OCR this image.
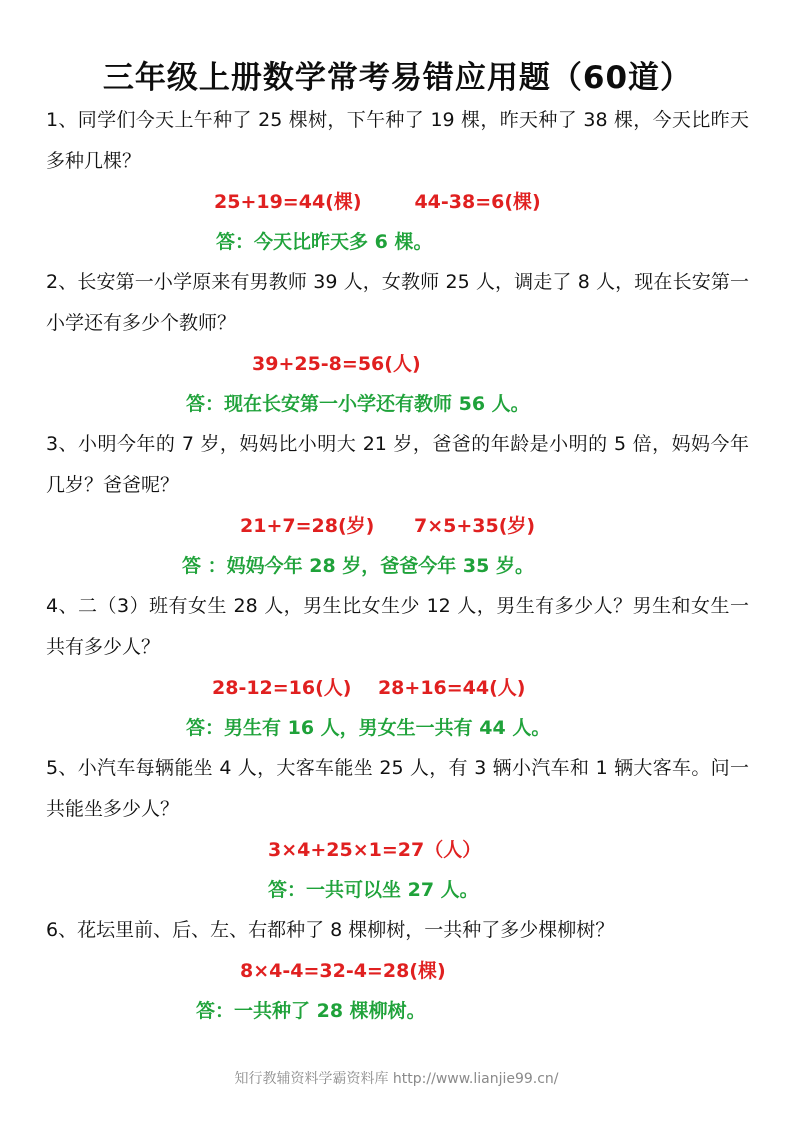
三年级上册数学常考易错应用题（60道）

1、同学们今天上午种了 25 棵树，下午种了 19 棵，昨天种了 38 棵，今天比昨天多种几棵？

25+19=44(棵)        44-38=6(棵)

答：今天比昨天多 6 棵。

2、长安第一小学原来有男教师 39 人，女教师 25 人，调走了 8 人，现在长安第一小学还有多少个教师？

39+25-8=56(人)

答：现在长安第一小学还有教师 56 人。

3、小明今年的 7 岁，妈妈比小明大 21 岁，爸爸的年龄是小明的 5 倍，妈妈今年几岁？爸爸呢？

21+7=28(岁)      7×5+35(岁)

答 ：妈妈今年 28 岁，爸爸今年 35 岁。

4、二（3）班有女生 28 人，男生比女生少 12 人，男生有多少人？男生和女生一共有多少人？

28-12=16(人)    28+16=44(人)

答：男生有 16 人，男女生一共有 44 人。

5、小汽车每辆能坐 4 人，大客车能坐 25 人，有 3 辆小汽车和 1 辆大客车。问一共能坐多少人？

3×4+25×1=27（人）

答：一共可以坐 27 人。

6、花坛里前、后、左、右都种了 8 棵柳树，一共种了多少棵柳树？

8×4-4=32-4=28(棵)

答：一共种了 28 棵柳树。

知行教辅资料学霸资料库 http://www.lianjie99.cn/
